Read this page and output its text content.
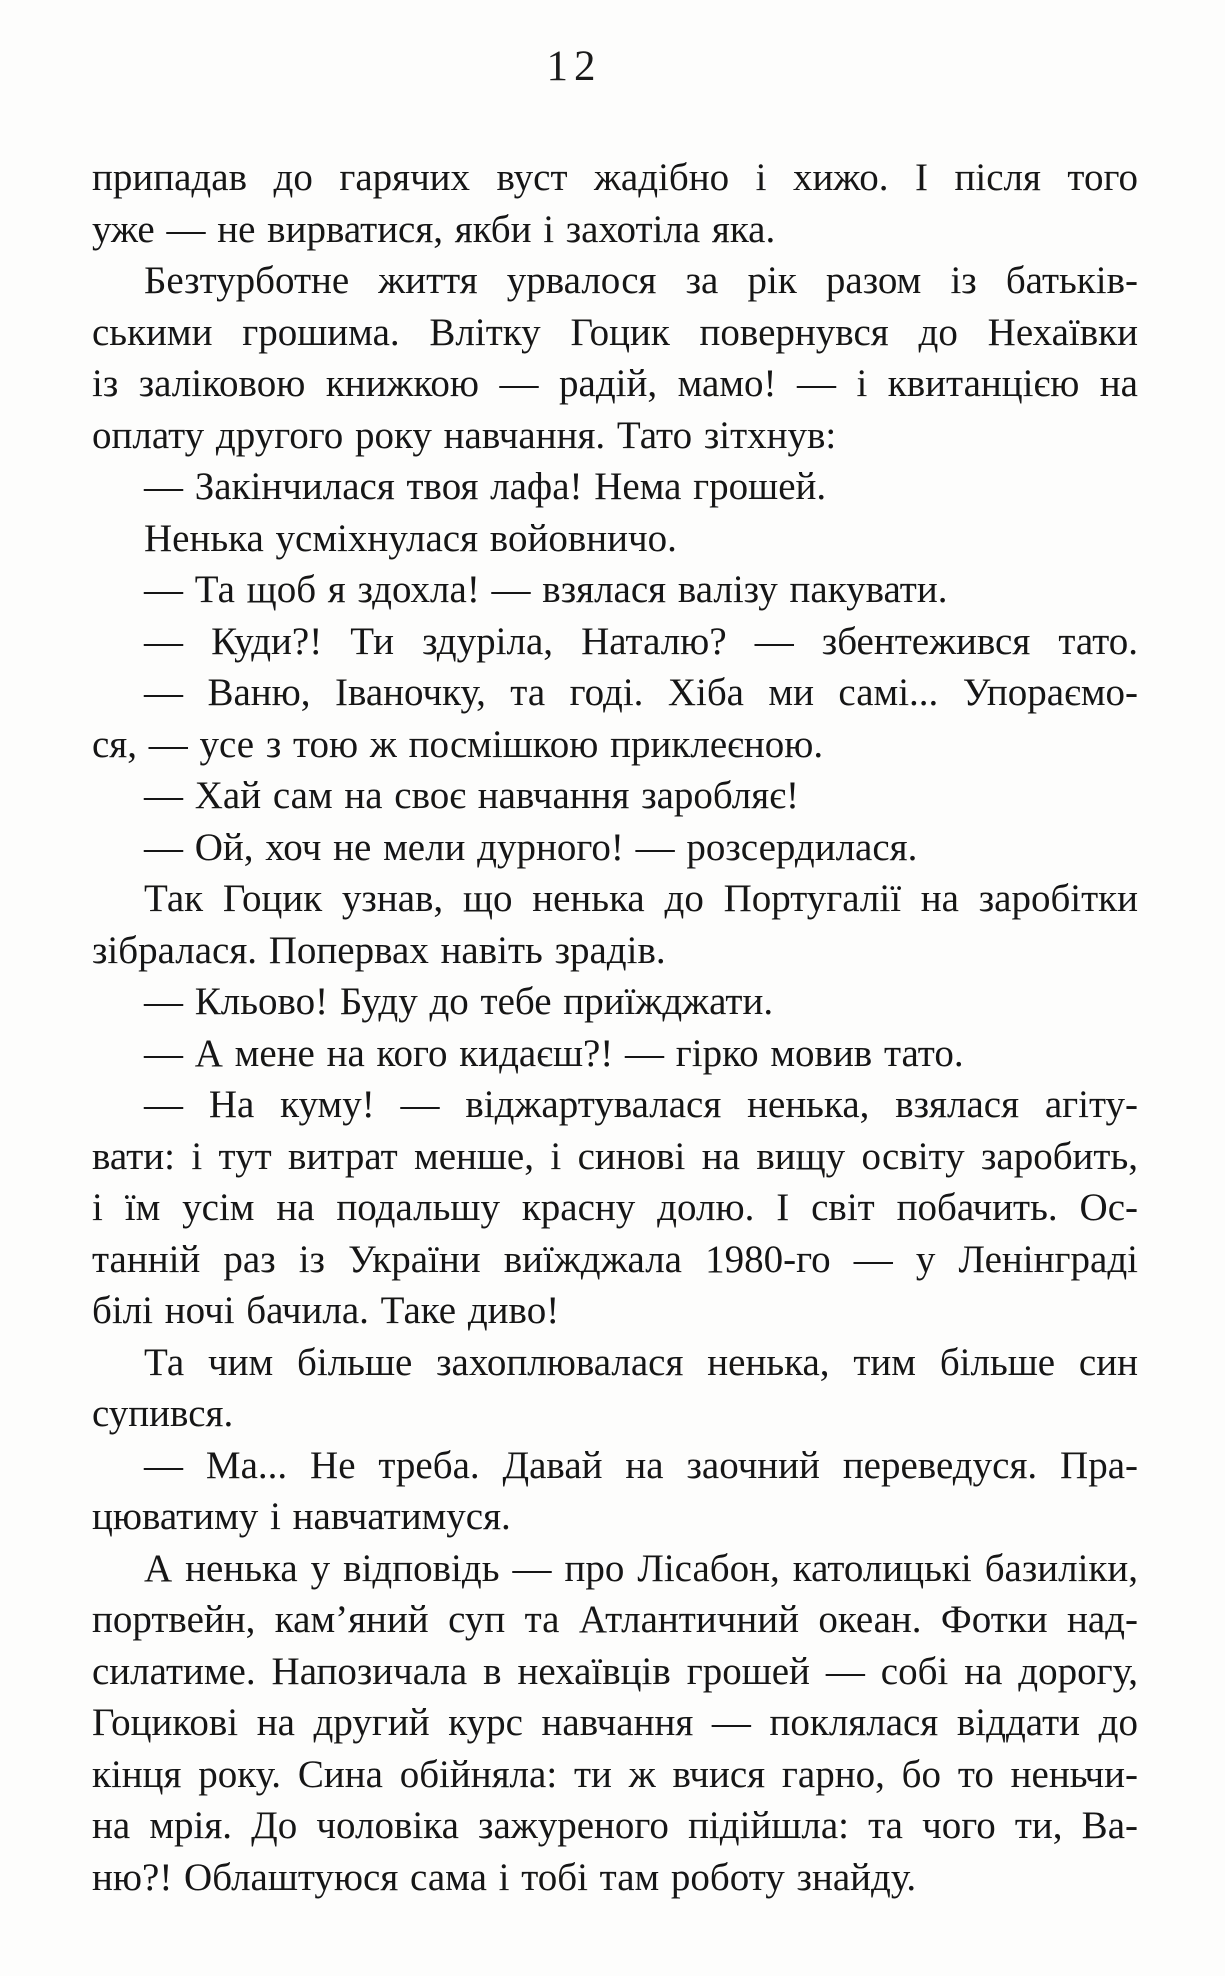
12
припадав до гарячих вуст жадібно і хижо. І після того
уже — не вирватися, якби і захотіла яка.
Безтурботне життя урвалося за рік разом із батьків-
ськими грошима. Влітку Гоцик повернувся до Нехаївки
із заліковою книжкою — радій, мамо! — і квитанцією на
оплату другого року навчання. Тато зітхнув:
— Закінчилася твоя лафа! Нема грошей.
Ненька усміхнулася войовничо.
— Та щоб я здохла! — взялася валізу пакувати.
— Куди?! Ти здуріла, Наталю? — збентежився тато.
— Ваню, Іваночку, та годі. Хіба ми самі... Упораємо-
ся, — усе з тою ж посмішкою приклеєною.
— Хай сам на своє навчання заробляє!
— Ой, хоч не мели дурного! — розсердилася.
Так Гоцик узнав, що ненька до Португалії на заробітки
зібралася. Попервах навіть зрадів.
— Кльово! Буду до тебе приїжджати.
— А мене на кого кидаєш?! — гірко мовив тато.
— На куму! — віджартувалася ненька, взялася агіту-
вати: і тут витрат менше, і синові на вищу освіту заробить,
і їм усім на подальшу красну долю. І світ побачить. Ос-
танній раз із України виїжджала 1980-го — у Ленінграді
білі ночі бачила. Таке диво!
Та чим більше захоплювалася ненька, тим більше син
супився.
— Ма... Не треба. Давай на заочний переведуся. Пра-
цюватиму і навчатимуся.
А ненька у відповідь — про Лісабон, католицькі базиліки,
портвейн, кам’яний суп та Атлантичний океан. Фотки над-
силатиме. Напозичала в нехаївців грошей — собі на дорогу,
Гоцикові на другий курс навчання — поклялася віддати до
кінця року. Сина обійняла: ти ж вчися гарно, бо то неньчи-
на мрія. До чоловіка зажуреного підійшла: та чого ти, Ва-
ню?! Облаштуюся сама і тобі там роботу знайду.
